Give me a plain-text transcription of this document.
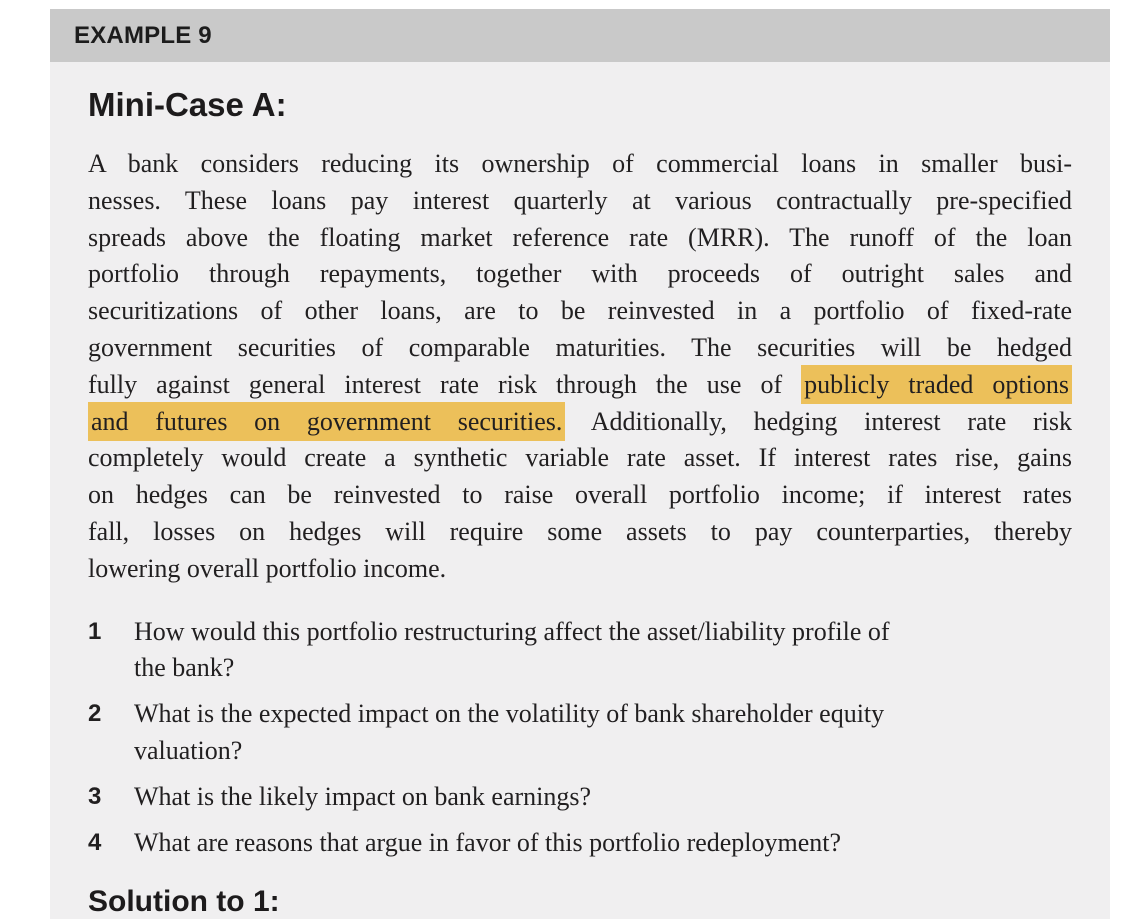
EXAMPLE 9
Mini-Case A:
A bank considers reducing its ownership of commercial loans in smaller busi-
nesses. These loans pay interest quarterly at various contractually pre-specified
spreads above the floating market reference rate (MRR). The runoff of the loan
portfolio through repayments, together with proceeds of outright sales and
securitizations of other loans, are to be reinvested in a portfolio of fixed-rate
government securities of comparable maturities. The securities will be hedged
fully against general interest rate risk through the use of publicly traded options
and futures on government securities. Additionally, hedging interest rate risk
completely would create a synthetic variable rate asset. If interest rates rise, gains
on hedges can be reinvested to raise overall portfolio income; if interest rates
fall, losses on hedges will require some assets to pay counterparties, thereby
lowering overall portfolio income.
1	How would this portfolio restructuring affect the asset/liability profile of
the bank?
2	What is the expected impact on the volatility of bank shareholder equity
valuation?
3	What is the likely impact on bank earnings?
4	What are reasons that argue in favor of this portfolio redeployment?
Solution to 1:
